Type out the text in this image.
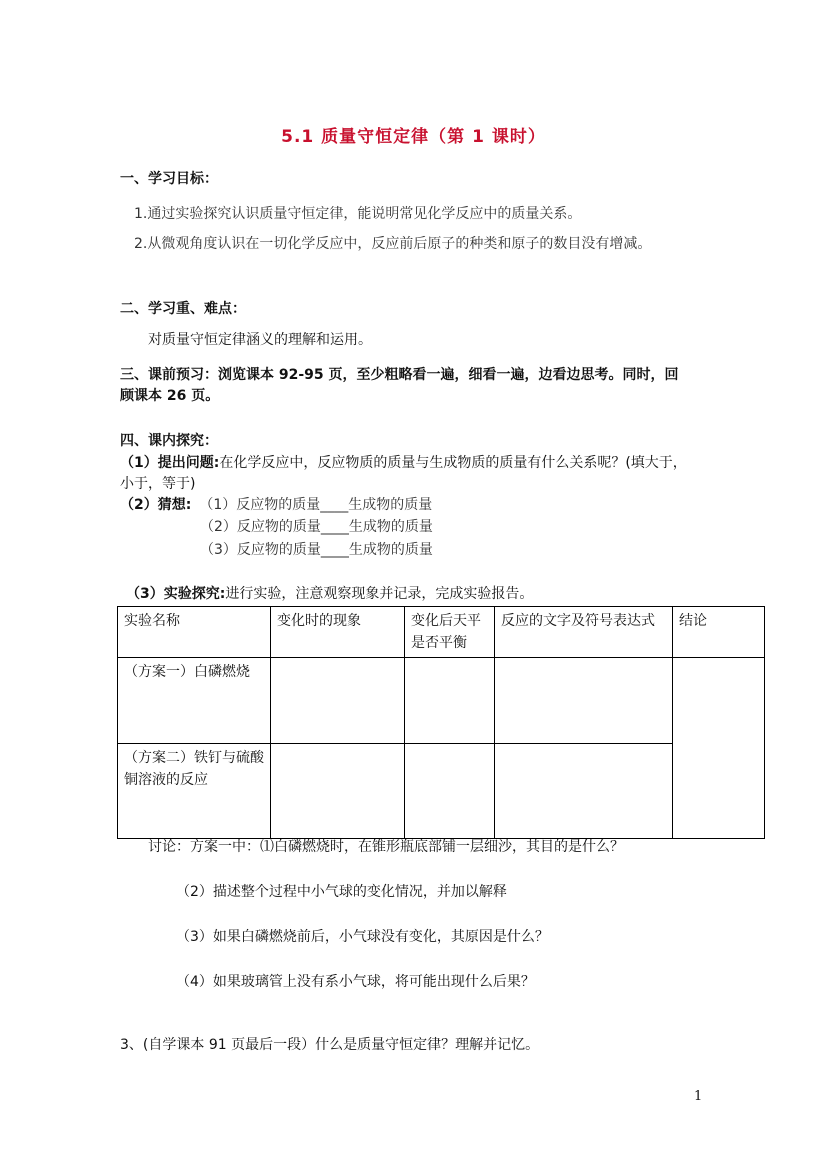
5.1 质量守恒定律（第 1 课时）
一、学习目标：
1.通过实验探究认识质量守恒定律，能说明常见化学反应中的质量关系。
2.从微观角度认识在一切化学反应中，反应前后原子的种类和原子的数目没有增减。
二、学习重、难点：
对质量守恒定律涵义的理解和运用。
三、课前预习：浏览课本 92-95 页，至少粗略看一遍，细看一遍，边看边思考。同时，回
顾课本 26 页。
四、课内探究：
（1）提出问题:在化学反应中，反应物质的质量与生成物质的质量有什么关系呢？(填大于，
小于，等于)
（2）猜想: （1）反应物的质量____生成物的质量
（2）反应物的质量____生成物的质量
（3）反应物的质量____生成物的质量
（3）实验探究:进行实验，注意观察现象并记录，完成实验报告。
实验名称	变化时的现象	变化后天平是否平衡	反应的文字及符号表达式	结论
（方案一）白磷燃烧				
（方案二）铁钉与硫酸铜溶液的反应				
讨论：方案一中：⑴白磷燃烧时，在锥形瓶底部铺一层细沙，其目的是什么？
（2）描述整个过程中小气球的变化情况，并加以解释
（3）如果白磷燃烧前后，小气球没有变化，其原因是什么？
（4）如果玻璃管上没有系小气球，将可能出现什么后果？
3、(自学课本 91 页最后一段）什么是质量守恒定律？理解并记忆。
1
